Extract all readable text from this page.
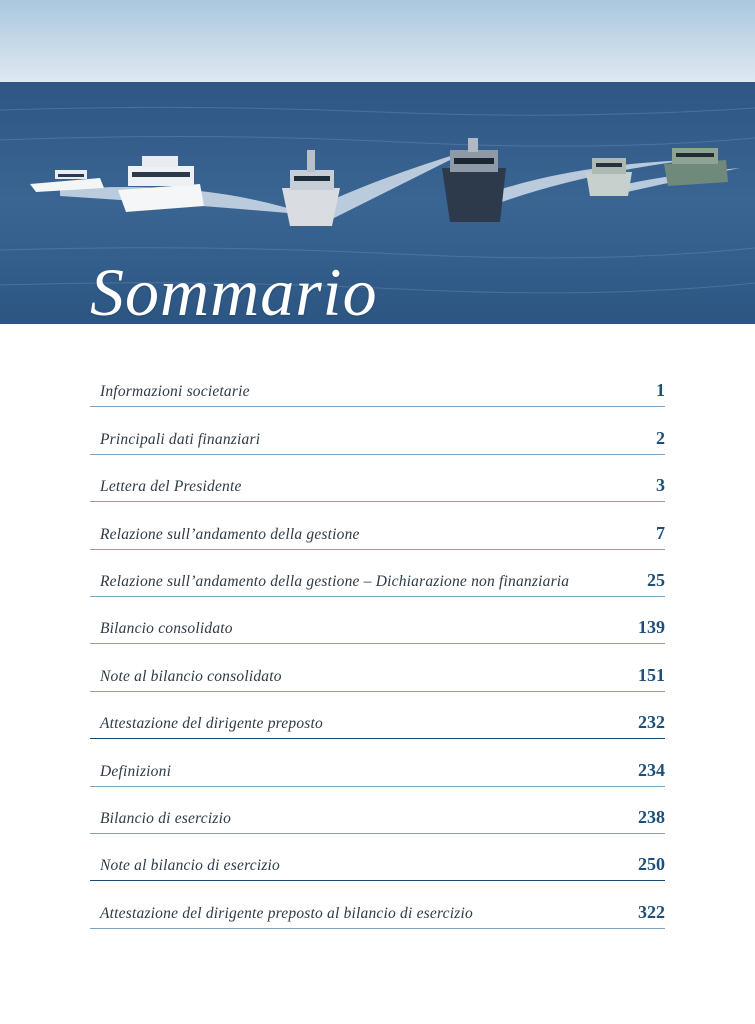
Sommario
Informazioni societarie	1
Principali dati finanziari	2
Lettera del Presidente	3
Relazione sull’andamento della gestione	7
Relazione sull’andamento della gestione – Dichiarazione non finanziaria	25
Bilancio consolidato	139
Note al bilancio consolidato	151
Attestazione del dirigente preposto	232
Definizioni	234
Bilancio di esercizio	238
Note al bilancio di esercizio	250
Attestazione del dirigente preposto al bilancio di esercizio	322
